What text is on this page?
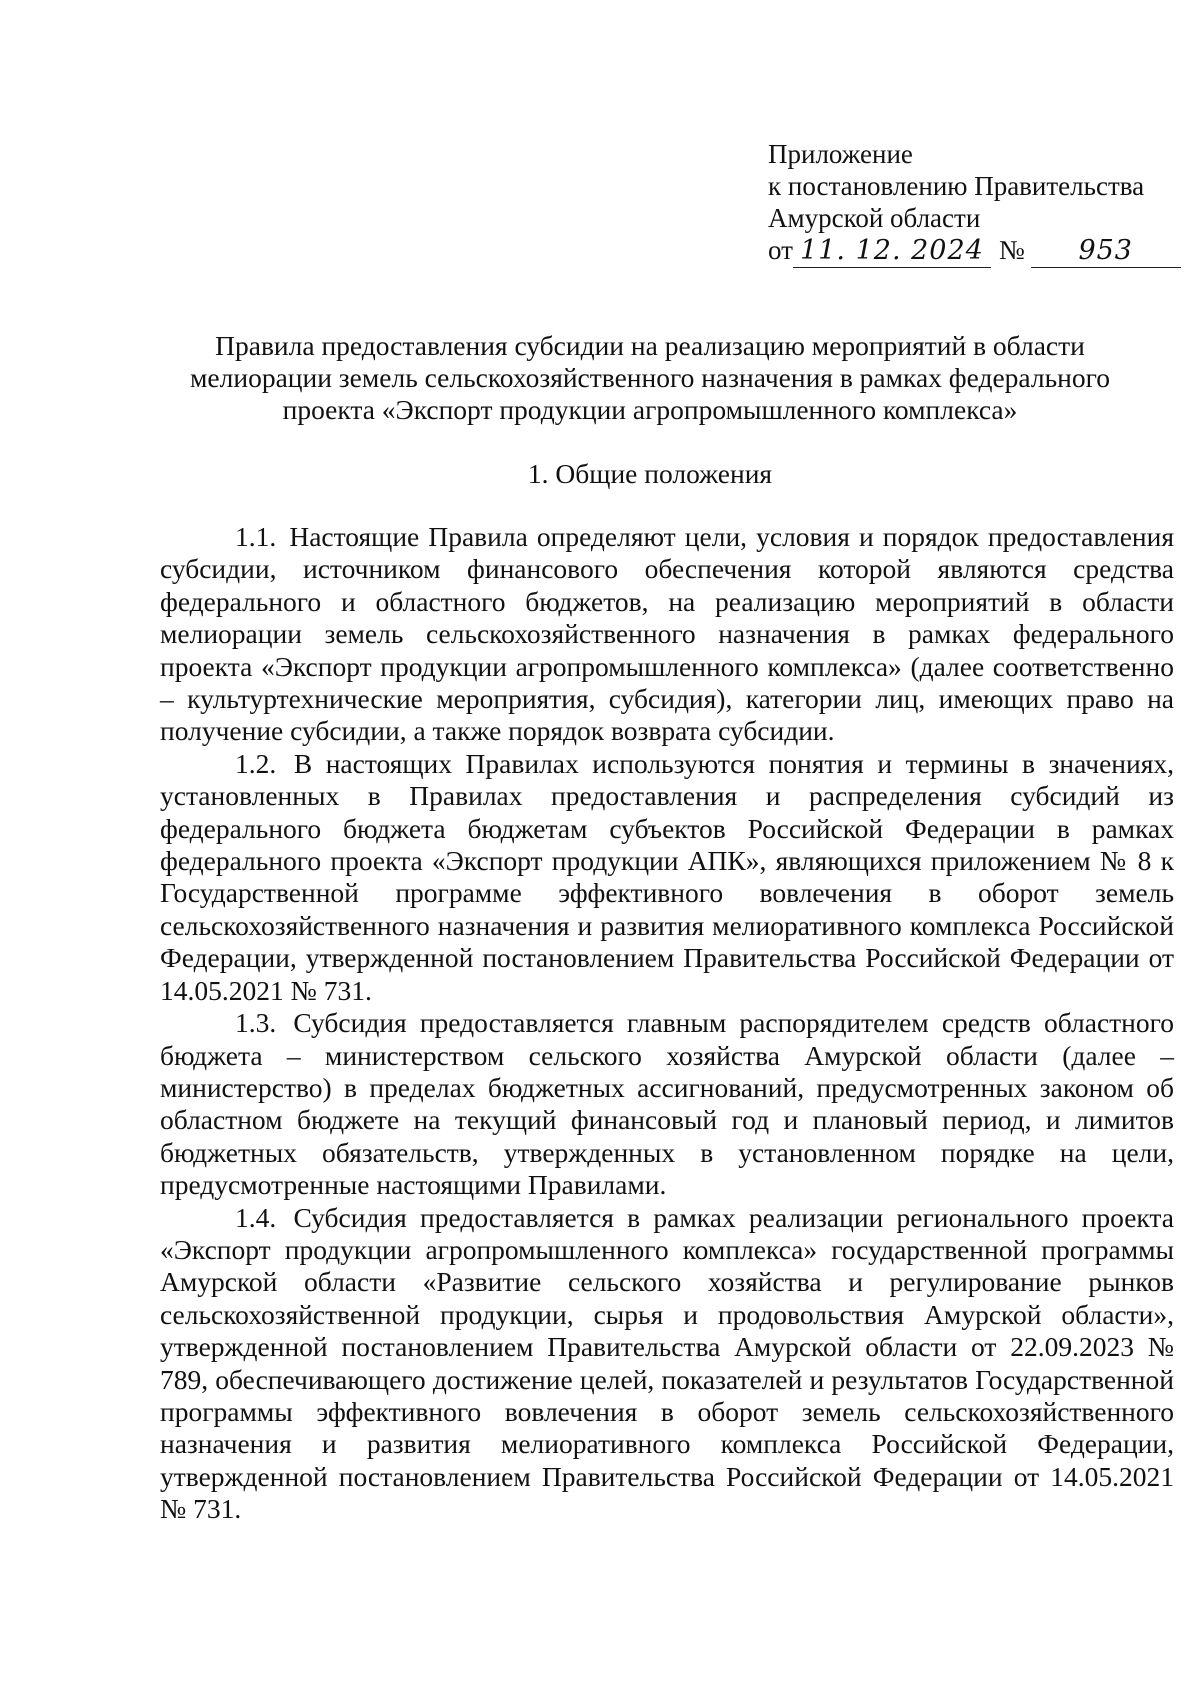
Приложение
к постановлению Правительства
Амурской области
от 11. 12. 2024 №	953
Правила предоставления субсидии на реализацию мероприятий в области
мелиорации земель сельскохозяйственного назначения в рамках федерального
проекта «Экспорт продукции агропромышленного комплекса»
1. Общие положения

1.1. Настоящие Правила определяют цели, условия и порядок предоставления субсидии, источником финансового обеспечения которой являются средства федерального и областного бюджетов, на реализацию мероприятий в области мелиорации земель сельскохозяйственного назначения в рамках федерального проекта «Экспорт продукции агропромышленного комплекса» (далее соответственно – культуртехнические мероприятия, субсидия), категории лиц, имеющих право на получение субсидии, а также порядок возврата субсидии.

1.2. В настоящих Правилах используются понятия и термины в значениях, установленных в Правилах предоставления и распределения субсидий из федерального бюджета бюджетам субъектов Российской Федерации в рамках федерального проекта «Экспорт продукции АПК», являющихся приложением № 8 к Государственной программе эффективного вовлечения в оборот земель сельскохозяйственного назначения и развития мелиоративного комплекса Российской Федерации, утвержденной постановлением Правительства Российской Федерации от 14.05.2021 № 731.

1.3. Субсидия предоставляется главным распорядителем средств областного бюджета – министерством сельского хозяйства Амурской области (далее – министерство) в пределах бюджетных ассигнований, предусмотренных законом об областном бюджете на текущий финансовый год и плановый период, и лимитов бюджетных обязательств, утвержденных в установленном порядке на цели, предусмотренные настоящими Правилами.

1.4. Субсидия предоставляется в рамках реализации регионального проекта «Экспорт продукции агропромышленного комплекса» государственной программы Амурской области «Развитие сельского хозяйства и регулирование рынков сельскохозяйственной продукции, сырья и продовольствия Амурской области», утвержденной постановлением Правительства Амурской области от 22.09.2023 № 789, обеспечивающего достижение целей, показателей и результатов Государственной программы эффективного вовлечения в оборот земель сельскохозяйственного назначения и развития мелиоративного комплекса Российской Федерации, утвержденной постановлением Правительства Российской Федерации от 14.05.2021 № 731.
